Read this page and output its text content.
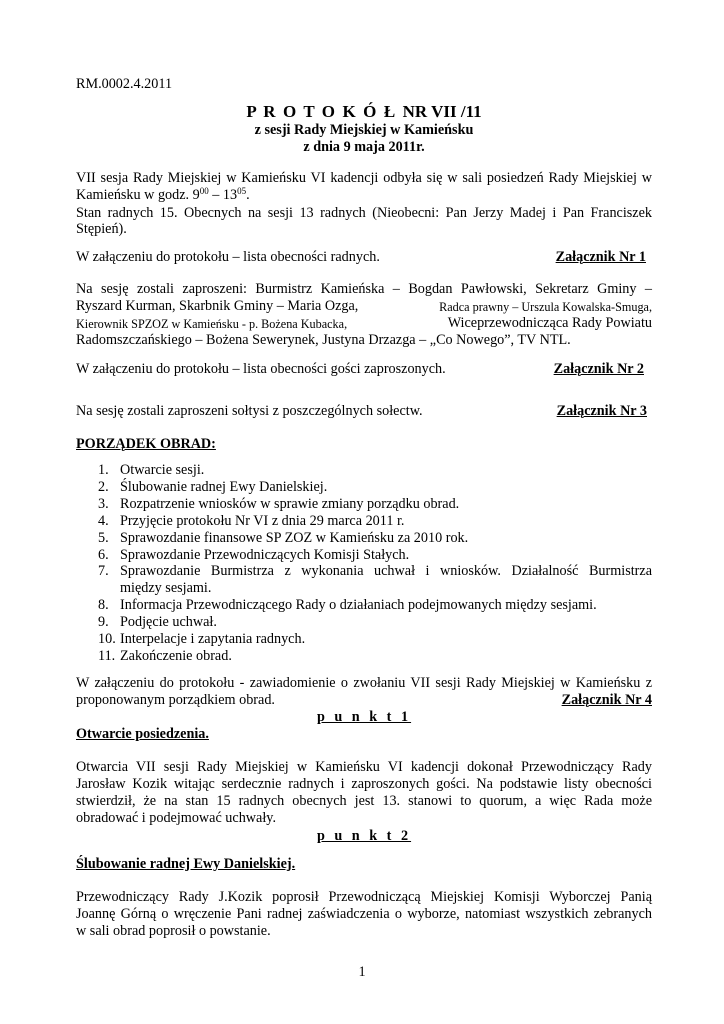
RM.0002.4.2011
P R O T O K Ó Ł NR VII /11
z sesji Rady Miejskiej w Kamieńsku
z dnia 9 maja 2011r.
VII sesja Rady Miejskiej w Kamieńsku VI kadencji odbyła się w sali posiedzeń Rady Miejskiej w
Kamieńsku w godz. $9^{00} - 13^{05}$.
Stan radnych 15. Obecnych na sesji 13 radnych (Nieobecni: Pan Jerzy Madej i Pan Franciszek
Stępień).
W załączeniu do protokołu – lista obecności radnych.	Załącznik Nr 1
Na sesję zostali zaproszeni: Burmistrz Kamieńska – Bogdan Pawłowski, Sekretarz Gminy –
Ryszard Kurman, Skarbnik Gminy – Maria Ozga,	Radca prawny – Urszula Kowalska-Smuga,
Kierownik SPZOZ w Kamieńsku - p. Bożena Kubacka,	Wiceprzewodnicząca Rady Powiatu
Radomszczańskiego – Bożena Sewerynek, Justyna Drzazga – „Co Nowego”, TV NTL.
W załączeniu do protokołu – lista obecności gości zaproszonych.	Załącznik Nr 2
Na sesję zostali zaproszeni sołtysi z poszczególnych sołectw.	Załącznik Nr 3
PORZĄDEK OBRAD:
1. Otwarcie sesji.
2. Ślubowanie radnej Ewy Danielskiej.
3. Rozpatrzenie wniosków w sprawie zmiany porządku obrad.
4. Przyjęcie protokołu Nr VI z dnia 29 marca 2011 r.
5. Sprawozdanie finansowe SP ZOZ w Kamieńsku za 2010 rok.
6. Sprawozdanie Przewodniczących Komisji Stałych.
7. Sprawozdanie Burmistrza z wykonania uchwał i wniosków. Działalność Burmistrza
między sesjami.
8. Informacja Przewodniczącego Rady o działaniach podejmowanych między sesjami.
9. Podjęcie uchwał.
10. Interpelacje i zapytania radnych.
11. Zakończenie obrad.
W załączeniu do protokołu - zawiadomienie o zwołaniu VII sesji Rady Miejskiej w Kamieńsku z
proponowanym porządkiem obrad.	Załącznik Nr 4
p u n k t 1
Otwarcie posiedzenia.
Otwarcia VII sesji Rady Miejskiej w Kamieńsku VI kadencji dokonał Przewodniczący Rady
Jarosław Kozik witając serdecznie radnych i zaproszonych gości. Na podstawie listy obecności
stwierdził, że na stan 15 radnych obecnych jest 13. stanowi to quorum, a więc Rada może
obradować i podejmować uchwały.
p u n k t 2
Ślubowanie radnej Ewy Danielskiej.
Przewodniczący Rady J.Kozik poprosił Przewodniczącą Miejskiej Komisji Wyborczej Panią
Joannę Górną o wręczenie Pani radnej zaświadczenia o wyborze, natomiast wszystkich zebranych
w sali obrad poprosił o powstanie.
1
